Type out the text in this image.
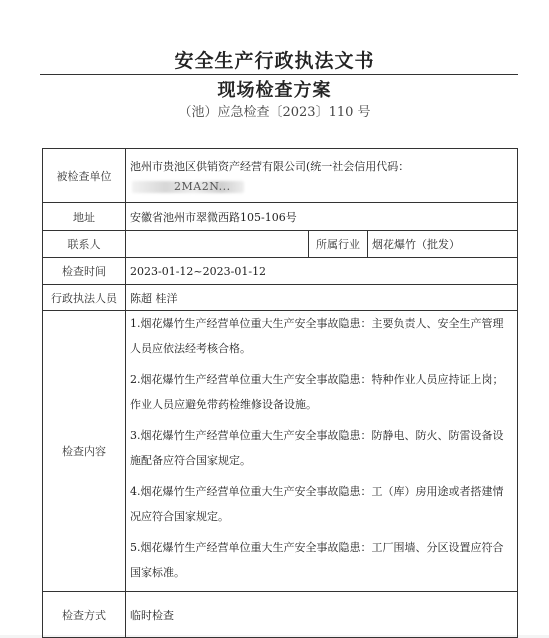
安全生产行政执法文书
现场检查方案
（池）应急检查〔2023〕110 号
被检查单位	池州市贵池区供销资产经营有限公司(统一社会信用代码：
2MA2N...		

地址	安徽省池州市翠微西路105-106号		
联系人		所属行业	烟花爆竹（批发）
检查时间	2023-01-12~2023-01-12		
行政执法人员	陈超 桂洋		
检查内容	1.烟花爆竹生产经营单位重大生产安全事故隐患：主要负责人、安全生产管理人员应依法经考核合格。

2.烟花爆竹生产经营单位重大生产安全事故隐患：特种作业人员应持证上岗；作业人员应避免带药检维修设备设施。

3.烟花爆竹生产经营单位重大生产安全事故隐患：防静电、防火、防雷设备设施配备应符合国家规定。

4.烟花爆竹生产经营单位重大生产安全事故隐患：工（库）房用途或者搭建情况应符合国家规定。

5.烟花爆竹生产经营单位重大生产安全事故隐患：工厂围墙、分区设置应符合国家标准。		

检查方式	临时检查		
